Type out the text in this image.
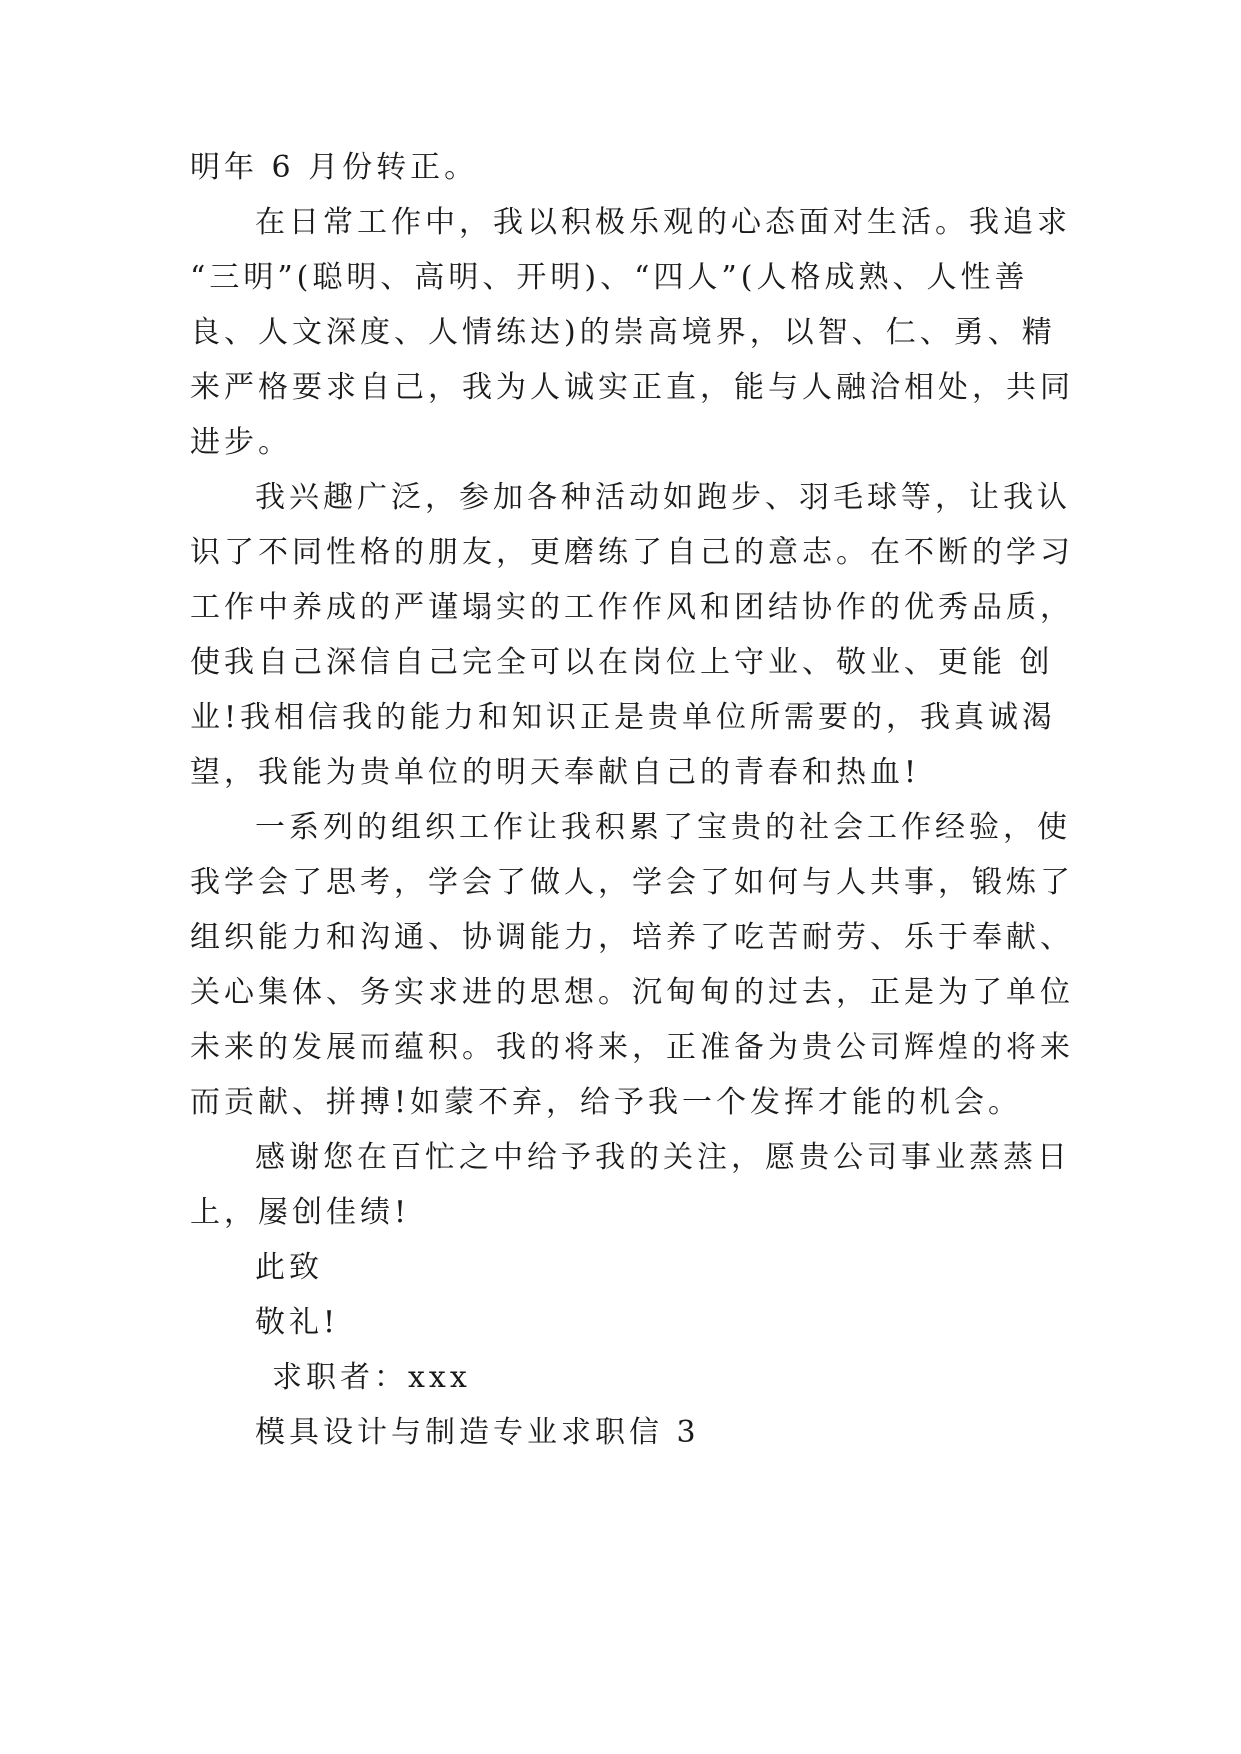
明年 6 月份转正。
在日常工作中，我以积极乐观的心态面对生活。我追求
“三明”(聪明、高明、开明)、“四人”(人格成熟、人性善
良、人文深度、人情练达)的崇高境界，以智、仁、勇、精
来严格要求自己，我为人诚实正直，能与人融洽相处，共同
进步。
我兴趣广泛，参加各种活动如跑步、羽毛球等，让我认
识了不同性格的朋友，更磨练了自己的意志。在不断的学习
工作中养成的严谨塌实的工作作风和团结协作的优秀品质，
使我自己深信自己完全可以在岗位上守业、敬业、更能 创
业!我相信我的能力和知识正是贵单位所需要的，我真诚渴
望，我能为贵单位的明天奉献自己的青春和热血!
一系列的组织工作让我积累了宝贵的社会工作经验，使
我学会了思考，学会了做人，学会了如何与人共事，锻炼了
组织能力和沟通、协调能力，培养了吃苦耐劳、乐于奉献、
关心集体、务实求进的思想。沉甸甸的过去，正是为了单位
未来的发展而蕴积。我的将来，正准备为贵公司辉煌的将来
而贡献、拼搏!如蒙不弃，给予我一个发挥才能的机会。
感谢您在百忙之中给予我的关注，愿贵公司事业蒸蒸日
上，屡创佳绩!
此致
敬礼!
求职者：xxx
模具设计与制造专业求职信 3
